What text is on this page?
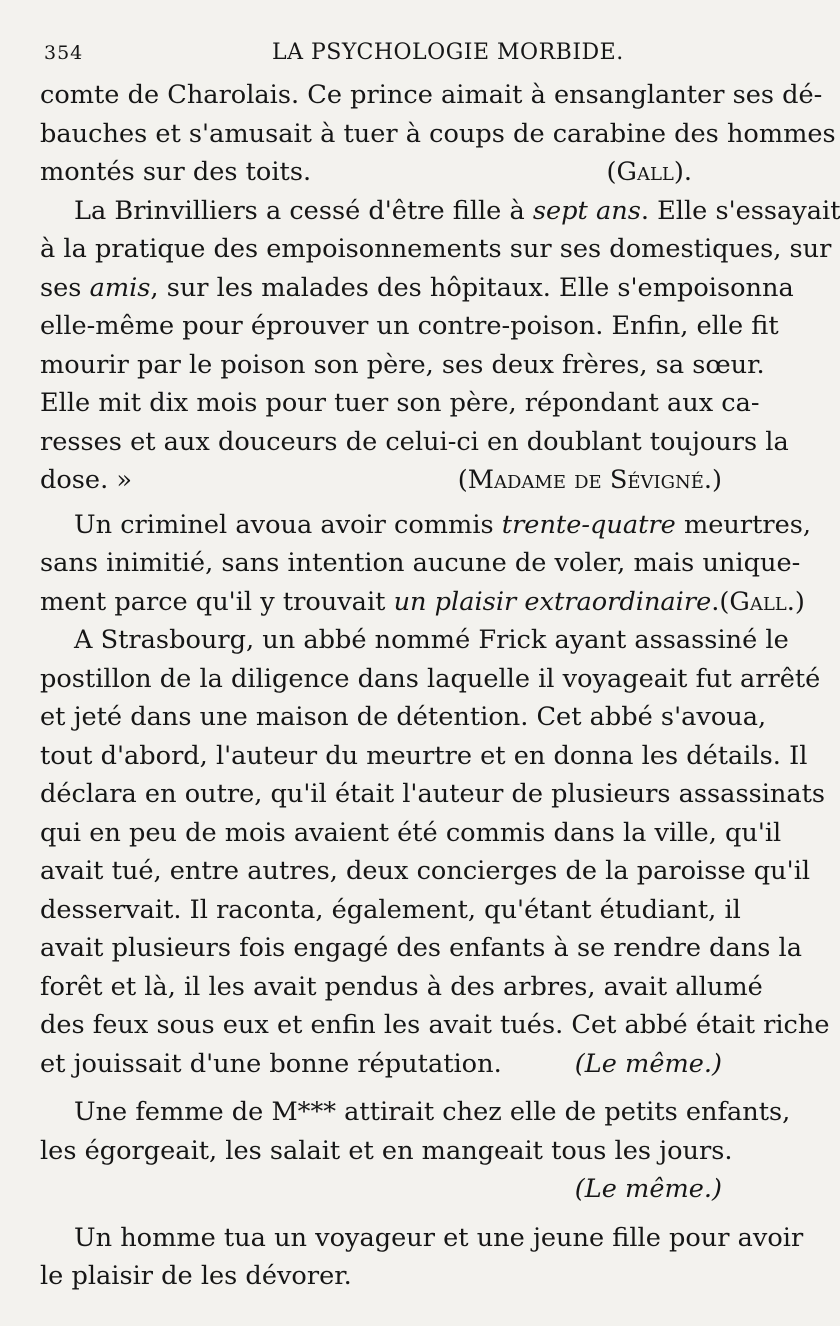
354	LA PSYCHOLOGIE MORBIDE.
comte de Charolais. Ce prince aimait à ensanglanter ses dé-
bauches et s'amusait à tuer à coups de carabine des hommes
montés sur des toits.	(Gall).
La Brinvilliers a cessé d'être fille à sept ans. Elle s'essayait
à la pratique des empoisonnements sur ses domestiques, sur
ses amis, sur les malades des hôpitaux. Elle s'empoisonna
elle-même pour éprouver un contre-poison. Enfin, elle fit
mourir par le poison son père, ses deux frères, sa sœur.
Elle mit dix mois pour tuer son père, répondant aux ca-
resses et aux douceurs de celui-ci en doublant toujours la
dose. »	(Madame de Sévigné.)
Un criminel avoua avoir commis trente-quatre meurtres,
sans inimitié, sans intention aucune de voler, mais unique-
ment parce qu'il y trouvait un plaisir extraordinaire. (Gall.)
A Strasbourg, un abbé nommé Frick ayant assassiné le
postillon de la diligence dans laquelle il voyageait fut arrêté
et jeté dans une maison de détention. Cet abbé s'avoua,
tout d'abord, l'auteur du meurtre et en donna les détails. Il
déclara en outre, qu'il était l'auteur de plusieurs assassinats
qui en peu de mois avaient été commis dans la ville, qu'il
avait tué, entre autres, deux concierges de la paroisse qu'il
desservait. Il raconta, également, qu'étant étudiant, il
avait plusieurs fois engagé des enfants à se rendre dans la
forêt et là, il les avait pendus à des arbres, avait allumé
des feux sous eux et enfin les avait tués. Cet abbé était riche
et jouissait d'une bonne réputation.	(Le même.)
Une femme de M*** attirait chez elle de petits enfants,
les égorgeait, les salait et en mangeait tous les jours.
(Le même.)
Un homme tua un voyageur et une jeune fille pour avoir
le plaisir de les dévorer.
